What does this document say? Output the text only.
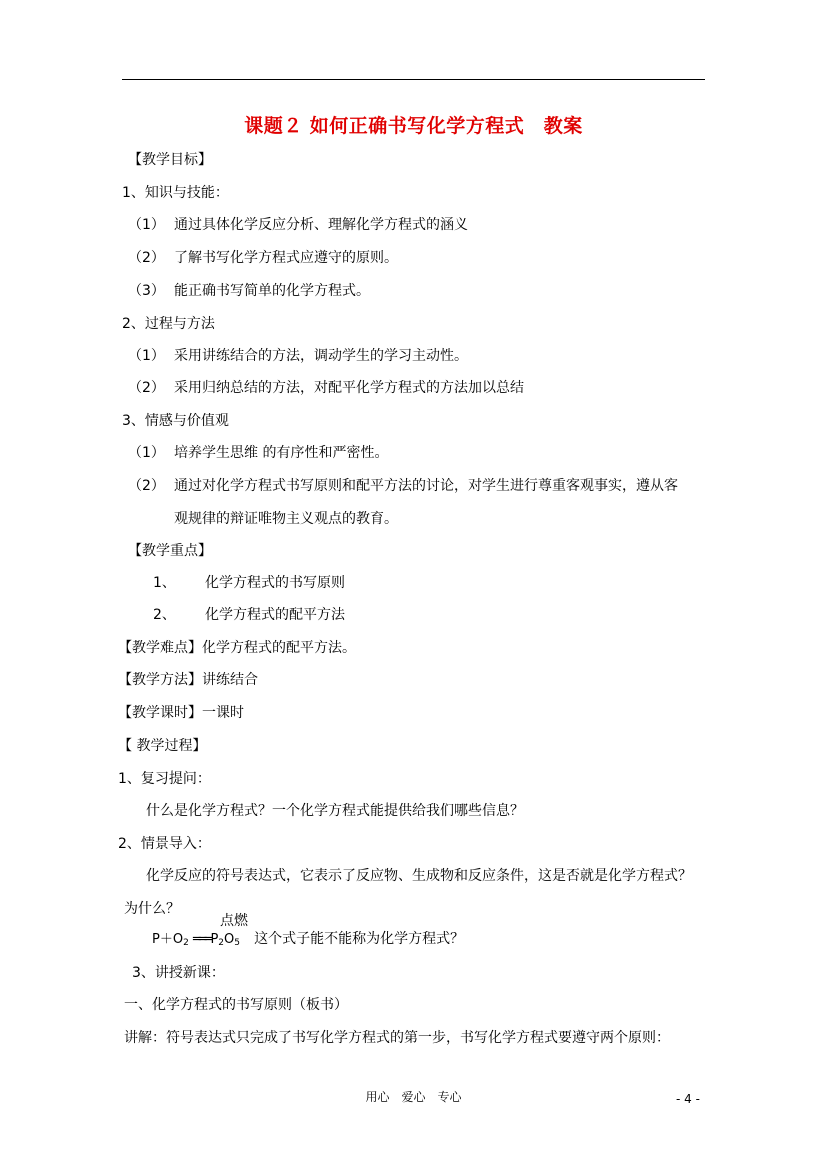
课题２ 如何正确书写化学方程式　教案
【教学目标】
1、知识与技能：
（1） 通过具体化学反应分析、理解化学方程式的涵义
（2） 了解书写化学方程式应遵守的原则。
（3） 能正确书写简单的化学方程式。
2、过程与方法
（1） 采用讲练结合的方法，调动学生的学习主动性。
（2） 采用归纳总结的方法，对配平化学方程式的方法加以总结
3、情感与价值观
（1） 培养学生思维 的有序性和严密性。
（2） 通过对化学方程式书写原则和配平方法的讨论，对学生进行尊重客观事实，遵从客
观规律的辩证唯物主义观点的教育。
【教学重点】
1、 化学方程式的书写原则
2、 化学方程式的配平方法
【教学难点】化学方程式的配平方法。
【教学方法】讲练结合
【教学课时】一课时
【 教学过程】
1、复习提问：
什么是化学方程式？一个化学方程式能提供给我们哪些信息？
2、情景导入：
化学反应的符号表达式，它表示了反应物、生成物和反应条件，这是否就是化学方程式？
为什么？
点燃
$P+O_2$ $═══P_2O_5$ 这个式子能不能称为化学方程式？
3、讲授新课：
一、化学方程式的书写原则（板书）
讲解：符号表达式只完成了书写化学方程式的第一步，书写化学方程式要遵守两个原则：
用心　爱心　专心	- 4 -
